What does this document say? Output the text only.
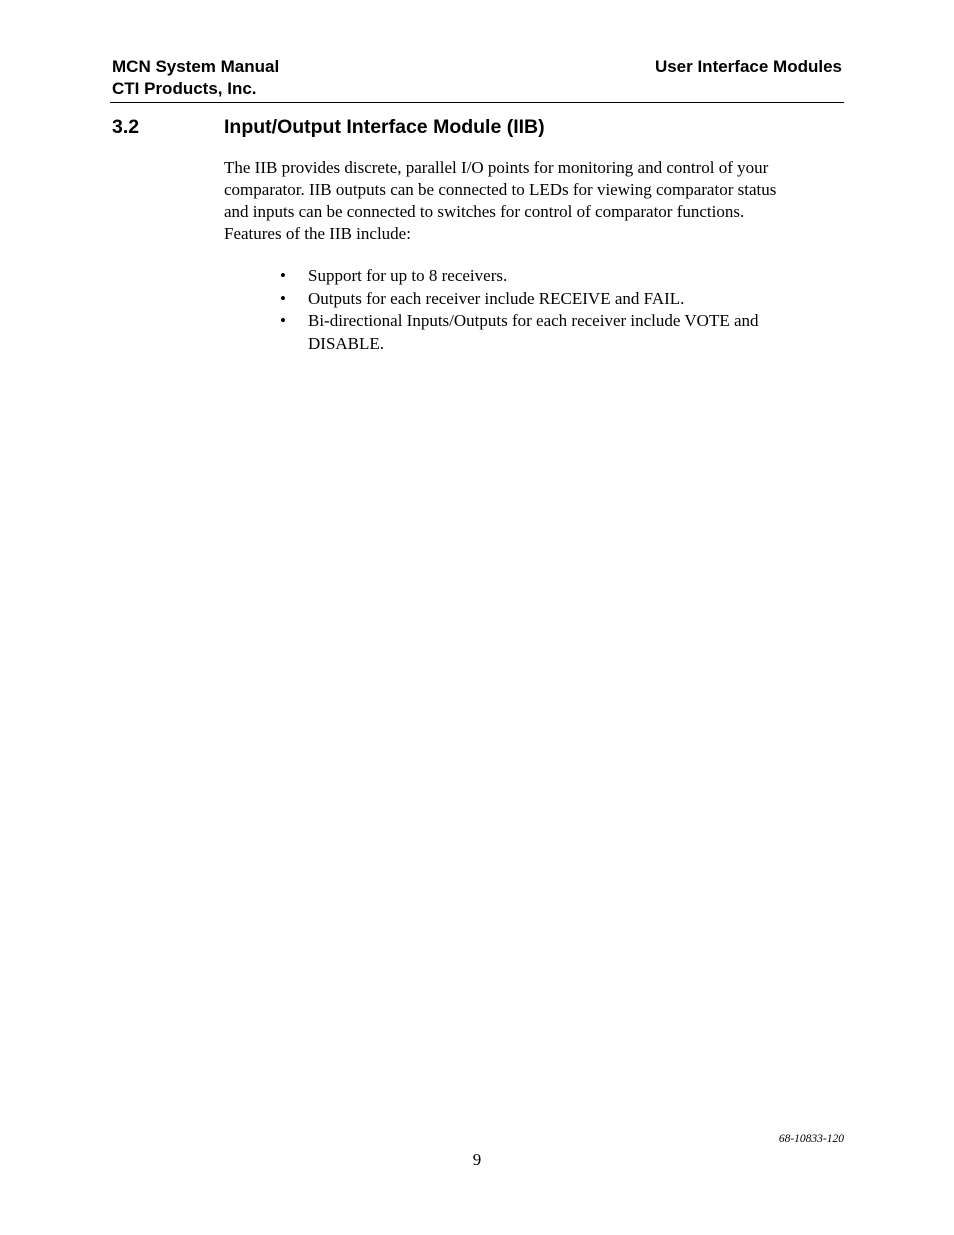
MCN System Manual
CTI Products, Inc.
User Interface Modules
3.2	Input/Output Interface Module (IIB)

The IIB provides discrete, parallel I/O points for monitoring and control of your
comparator. IIB outputs can be connected to LEDs for viewing comparator status
and inputs can be connected to switches for control of comparator functions.
Features of the IIB include:

• Support for up to 8 receivers.
• Outputs for each receiver include RECEIVE and FAIL.
• Bi-directional Inputs/Outputs for each receiver include VOTE and
DISABLE.
68-10833-120
9
